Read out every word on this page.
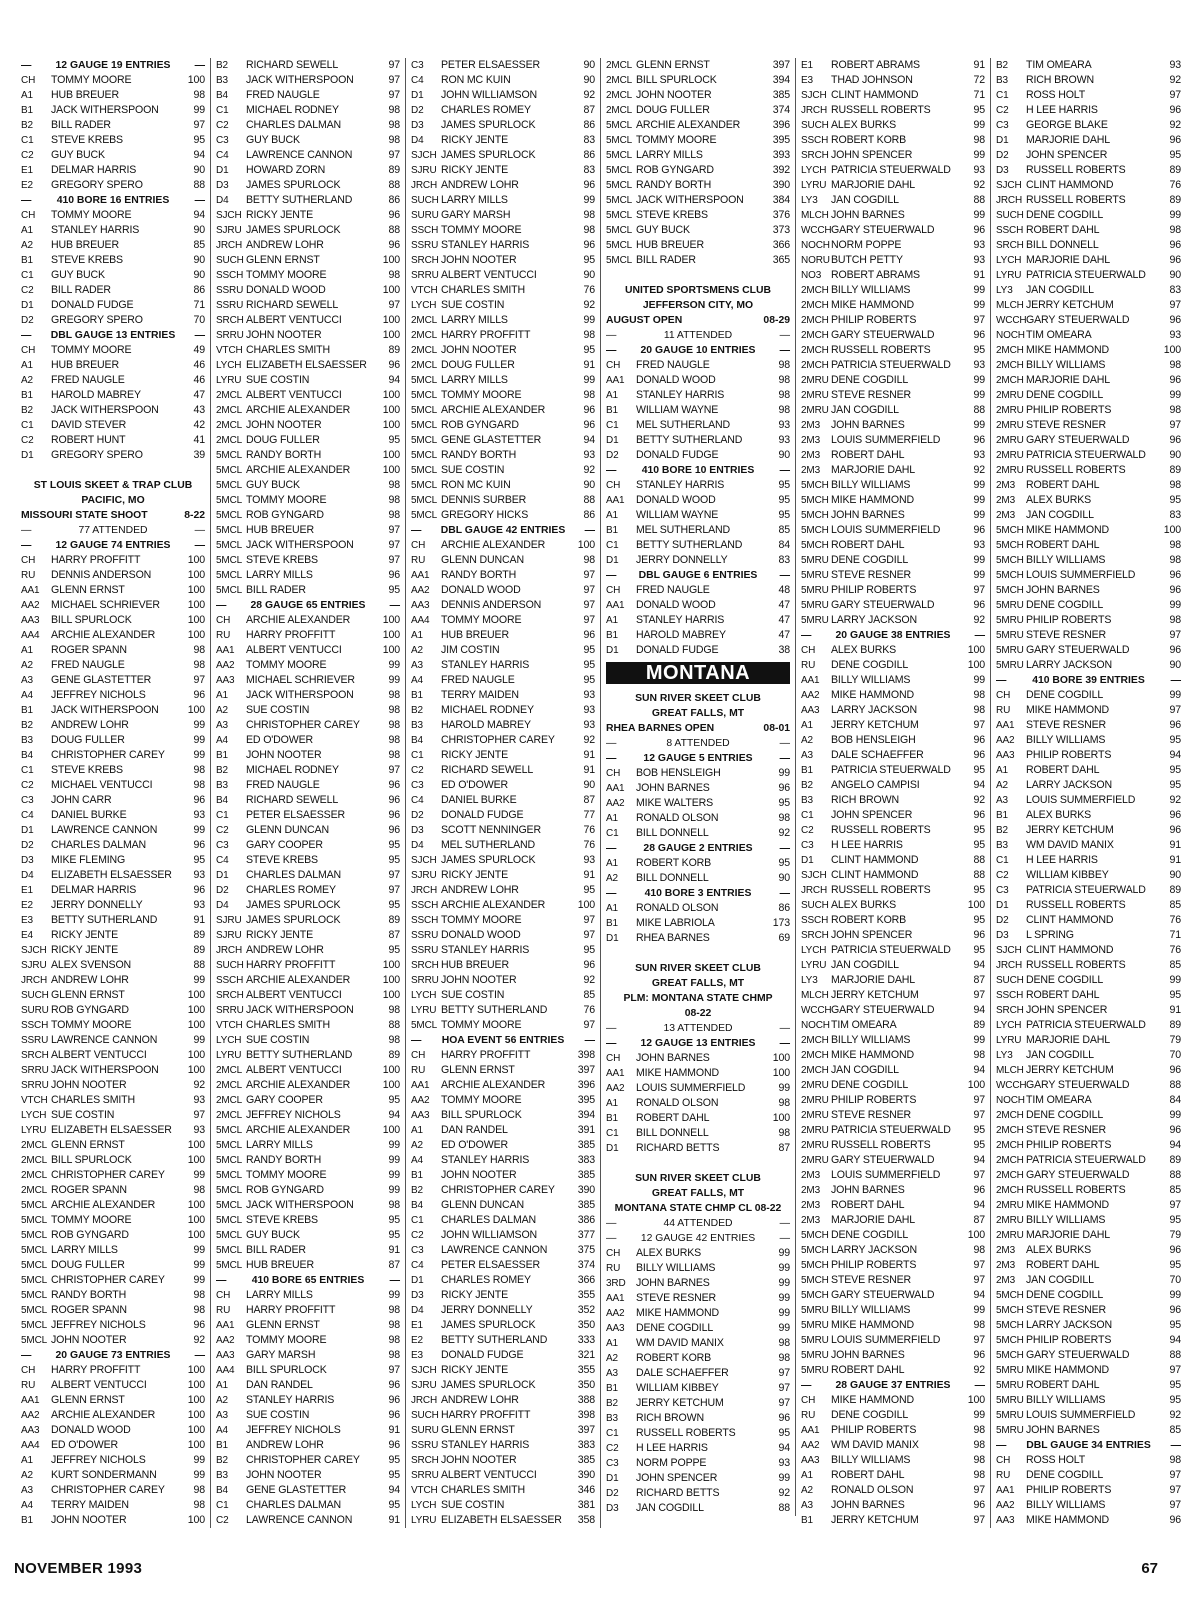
—	12 GAUGE 19 ENTRIES	—
CH	TOMMY MOORE	100
A1	HUB BREUER	98
B1	JACK WITHERSPOON	99
B2	BILL RADER	97
C1	STEVE KREBS	95
C2	GUY BUCK	94
E1	DELMAR HARRIS	90
E2	GREGORY SPERO	88
—	410 BORE 16 ENTRIES	—
CH	TOMMY MOORE	94
A1	STANLEY HARRIS	90
A2	HUB BREUER	85
B1	STEVE KREBS	90
C1	GUY BUCK	90
C2	BILL RADER	86
D1	DONALD FUDGE	71
D2	GREGORY SPERO	70
—	DBL GAUGE 13 ENTRIES	—
CH	TOMMY MOORE	49
A1	HUB BREUER	46
A2	FRED NAUGLE	46
B1	HAROLD MABREY	47
B2	JACK WITHERSPOON	43
C1	DAVID STEVER	42
C2	ROBERT HUNT	41
D1	GREGORY SPERO	39
ST LOUIS SKEET & TRAP CLUB
PACIFIC, MO
MISSOURI STATE SHOOT	8-22
—	77 ATTENDED	—
—	12 GAUGE 74 ENTRIES	—
CH	HARRY PROFFITT	100
RU	DENNIS ANDERSON	100
AA1	GLENN ERNST	100
AA2	MICHAEL SCHRIEVER	100
AA3	BILL SPURLOCK	100
AA4	ARCHIE ALEXANDER	100
A1	ROGER SPANN	98
A2	FRED NAUGLE	98
A3	GENE GLASTETTER	97
A4	JEFFREY NICHOLS	96
B1	JACK WITHERSPOON	100
B2	ANDREW LOHR	99
B3	DOUG FULLER	99
B4	CHRISTOPHER CAREY	99
C1	STEVE KREBS	98
C2	MICHAEL VENTUCCI	98
C3	JOHN CARR	96
C4	DANIEL BURKE	93
D1	LAWRENCE CANNON	99
D2	CHARLES DALMAN	96
D3	MIKE FLEMING	95
D4	ELIZABETH ELSAESSER	93
E1	DELMAR HARRIS	96
E2	JERRY DONNELLY	93
E3	BETTY SUTHERLAND	91
E4	RICKY JENTE	89
SJCH RICKY JENTE	89
SJRU ALEX SVENSON	88
JRCH ANDREW LOHR	99
SUCH GLENN ERNST	100
SURU ROB GYNGARD	100
SSCH TOMMY MOORE	100
SSRU LAWRENCE CANNON	99
SRCH ALBERT VENTUCCI	100
SRRU JACK WITHERSPOON	100
SRRU JOHN NOOTER	92
VTCH CHARLES SMITH	93
LYCH SUE COSTIN	97
LYRU ELIZABETH ELSAESSER	93
2MCL GLENN ERNST	100
2MCL BILL SPURLOCK	100
2MCL CHRISTOPHER CAREY	99
2MCL ROGER SPANN	98
5MCL ARCHIE ALEXANDER	100
5MCL TOMMY MOORE	100
5MCL ROB GYNGARD	100
5MCL LARRY MILLS	99
5MCL DOUG FULLER	99
5MCL CHRISTOPHER CAREY	99
5MCL RANDY BORTH	98
5MCL ROGER SPANN	98
5MCL JEFFREY NICHOLS	96
5MCL JOHN NOOTER	92
—	20 GAUGE 73 ENTRIES	—
CH	HARRY PROFFITT	100
RU	ALBERT VENTUCCI	100
AA1	GLENN ERNST	100
AA2	ARCHIE ALEXANDER	100
AA3	DONALD WOOD	100
AA4	ED O'DOWER	100
A1	JEFFREY NICHOLS	99
A2	KURT SONDERMANN	99
A3	CHRISTOPHER CAREY	98
A4	TERRY MAIDEN	98
B1	JOHN NOOTER	100
B2	RICHARD SEWELL	97
B3	JACK WITHERSPOON	97
B4	FRED NAUGLE	97
C1	MICHAEL RODNEY	98
C2	CHARLES DALMAN	98
C3	GUY BUCK	98
C4	LAWRENCE CANNON	97
D1	HOWARD ZORN	89
D3	JAMES SPURLOCK	88
D4	BETTY SUTHERLAND	86
SJCH RICKY JENTE	96
SJRU JAMES SPURLOCK	88
JRCH ANDREW LOHR	96
SUCH GLENN ERNST	100
SSCH TOMMY MOORE	98
SSRU DONALD WOOD	100
SSRU RICHARD SEWELL	97
SRCH ALBERT VENTUCCI	100
SRRU JOHN NOOTER	100
VTCH CHARLES SMITH	89
LYCH ELIZABETH ELSAESSER	96
LYRU SUE COSTIN	94
2MCL ALBERT VENTUCCI	100
2MCL ARCHIE ALEXANDER	100
2MCL JOHN NOOTER	100
2MCL DOUG FULLER	95
5MCL RANDY BORTH	100
5MCL ARCHIE ALEXANDER	100
5MCL GUY BUCK	98
5MCL TOMMY MOORE	98
5MCL ROB GYNGARD	98
5MCL HUB BREUER	97
5MCL JACK WITHERSPOON	97
5MCL STEVE KREBS	97
5MCL LARRY MILLS	96
5MCL BILL RADER	95
—	28 GAUGE 65 ENTRIES	—
CH	ARCHIE ALEXANDER	100
RU	HARRY PROFFITT	100
AA1	ALBERT VENTUCCI	100
AA2	TOMMY MOORE	99
AA3	MICHAEL SCHRIEVER	99
A1	JACK WITHERSPOON	98
A2	SUE COSTIN	98
A3	CHRISTOPHER CAREY	98
A4	ED O'DOWER	98
B1	JOHN NOOTER	98
B2	MICHAEL RODNEY	97
B3	FRED NAUGLE	96
B4	RICHARD SEWELL	96
C1	PETER ELSAESSER	96
C2	GLENN DUNCAN	96
C3	GARY COOPER	95
C4	STEVE KREBS	95
D1	CHARLES DALMAN	97
D2	CHARLES ROMEY	97
D4	JAMES SPURLOCK	95
SJRU JAMES SPURLOCK	89
SJRU RICKY JENTE	87
JRCH ANDREW LOHR	95
SUCH HARRY PROFFITT	100
SSCH ARCHIE ALEXANDER	100
SRCH ALBERT VENTUCCI	100
SRRU JACK WITHERSPOON	98
VTCH CHARLES SMITH	88
LYCH SUE COSTIN	98
LYRU BETTY SUTHERLAND	89
2MCL ALBERT VENTUCCI	100
2MCL ARCHIE ALEXANDER	100
2MCL GARY COOPER	95
2MCL JEFFREY NICHOLS	94
5MCL ARCHIE ALEXANDER	100
5MCL LARRY MILLS	99
5MCL RANDY BORTH	99
5MCL TOMMY MOORE	99
5MCL ROB GYNGARD	99
5MCL JACK WITHERSPOON	98
5MCL STEVE KREBS	95
5MCL GUY BUCK	95
5MCL BILL RADER	91
5MCL HUB BREUER	87
—	410 BORE 65 ENTRIES	—
CH	LARRY MILLS	99
RU	HARRY PROFFITT	98
AA1	GLENN ERNST	98
AA2	TOMMY MOORE	98
AA3	GARY MARSH	98
AA4	BILL SPURLOCK	97
A1	DAN RANDEL	96
A2	STANLEY HARRIS	96
A3	SUE COSTIN	96
A4	JEFFREY NICHOLS	91
B1	ANDREW LOHR	96
B2	CHRISTOPHER CAREY	95
B3	JOHN NOOTER	95
B4	GENE GLASTETTER	94
C1	CHARLES DALMAN	95
C2	LAWRENCE CANNON	91
C3	PETER ELSAESSER	90
C4	RON MC KUIN	90
D1	JOHN WILLIAMSON	92
D2	CHARLES ROMEY	87
D3	JAMES SPURLOCK	86
D4	RICKY JENTE	83
SJCH JAMES SPURLOCK	86
SJRU RICKY JENTE	83
JRCH ANDREW LOHR	96
SUCH LARRY MILLS	99
SURU GARY MARSH	98
SSCH TOMMY MOORE	98
SSRU STANLEY HARRIS	96
SRCH JOHN NOOTER	95
SRRU ALBERT VENTUCCI	90
VTCH CHARLES SMITH	76
LYCH SUE COSTIN	92
2MCL LARRY MILLS	99
2MCL HARRY PROFFITT	98
2MCL JOHN NOOTER	95
2MCL DOUG FULLER	91
5MCL LARRY MILLS	99
5MCL TOMMY MOORE	98
5MCL ARCHIE ALEXANDER	96
5MCL ROB GYNGARD	96
5MCL GENE GLASTETTER	94
5MCL RANDY BORTH	93
5MCL SUE COSTIN	92
5MCL RON MC KUIN	90
5MCL DENNIS SURBER	88
5MCL GREGORY HICKS	86
—	DBL GAUGE 42 ENTRIES	—
CH	ARCHIE ALEXANDER	100
RU	GLENN DUNCAN	98
AA1	RANDY BORTH	97
AA2	DONALD WOOD	97
AA3	DENNIS ANDERSON	97
AA4	TOMMY MOORE	97
A1	HUB BREUER	96
A2	JIM COSTIN	95
A3	STANLEY HARRIS	95
A4	FRED NAUGLE	95
B1	TERRY MAIDEN	93
B2	MICHAEL RODNEY	93
B3	HAROLD MABREY	93
B4	CHRISTOPHER CAREY	92
C1	RICKY JENTE	91
C2	RICHARD SEWELL	91
C3	ED O'DOWER	90
C4	DANIEL BURKE	87
D2	DONALD FUDGE	77
D3	SCOTT NENNINGER	76
D4	MEL SUTHERLAND	76
SJCH JAMES SPURLOCK	93
SJRU RICKY JENTE	91
JRCH ANDREW LOHR	95
SSCH ARCHIE ALEXANDER	100
SSCH TOMMY MOORE	97
SSRU DONALD WOOD	97
SSRU STANLEY HARRIS	95
SRCH HUB BREUER	96
SRRU JOHN NOOTER	92
LYCH SUE COSTIN	85
LYRU BETTY SUTHERLAND	76
5MCL TOMMY MOORE	97
—	HOA EVENT 56 ENTRIES	—
CH	HARRY PROFFITT	398
RU	GLENN ERNST	397
AA1	ARCHIE ALEXANDER	396
AA2	TOMMY MOORE	395
AA3	BILL SPURLOCK	394
A1	DAN RANDEL	391
A2	ED O'DOWER	385
A4	STANLEY HARRIS	383
B1	JOHN NOOTER	385
B2	CHRISTOPHER CAREY	390
B4	GLENN DUNCAN	385
C1	CHARLES DALMAN	386
C2	JOHN WILLIAMSON	377
C3	LAWRENCE CANNON	375
C4	PETER ELSAESSER	374
D1	CHARLES ROMEY	366
D3	RICKY JENTE	355
D4	JERRY DONNELLY	352
E1	JAMES SPURLOCK	350
E2	BETTY SUTHERLAND	333
E3	DONALD FUDGE	321
SJCH RICKY JENTE	355
SJRU JAMES SPURLOCK	350
JRCH ANDREW LOHR	388
SUCH HARRY PROFFITT	398
SURU GLENN ERNST	397
SSRU STANLEY HARRIS	383
SRCH JOHN NOOTER	385
SRRU ALBERT VENTUCCI	390
VTCH CHARLES SMITH	346
LYCH SUE COSTIN	381
LYRU ELIZABETH ELSAESSER	358
2MCL GLENN ERNST	397
2MCL BILL SPURLOCK	394
2MCL JOHN NOOTER	385
2MCL DOUG FULLER	374
5MCL ARCHIE ALEXANDER	396
5MCL TOMMY MOORE	395
5MCL LARRY MILLS	393
5MCL ROB GYNGARD	392
5MCL RANDY BORTH	390
5MCL JACK WITHERSPOON	384
5MCL STEVE KREBS	376
5MCL GUY BUCK	373
5MCL HUB BREUER	366
5MCL BILL RADER	365
UNITED SPORTSMENS CLUB
JEFFERSON CITY, MO
AUGUST OPEN	08-29
—	11 ATTENDED	—
—	20 GAUGE 10 ENTRIES	—
CH	FRED NAUGLE	98
AA1	DONALD WOOD	98
A1	STANLEY HARRIS	98
B1	WILLIAM WAYNE	98
C1	MEL SUTHERLAND	93
D1	BETTY SUTHERLAND	93
D2	DONALD FUDGE	90
—	410 BORE 10 ENTRIES	—
CH	STANLEY HARRIS	95
AA1	DONALD WOOD	95
A1	WILLIAM WAYNE	95
B1	MEL SUTHERLAND	85
C1	BETTY SUTHERLAND	84
D1	JERRY DONNELLY	83
—	DBL GAUGE 6 ENTRIES	—
CH	FRED NAUGLE	48
AA1	DONALD WOOD	47
A1	STANLEY HARRIS	47
B1	HAROLD MABREY	47
D1	DONALD FUDGE	38
MONTANA
SUN RIVER SKEET CLUB
GREAT FALLS, MT
RHEA BARNES OPEN	08-01
—	8 ATTENDED	—
—	12 GAUGE 5 ENTRIES	—
CH	BOB HENSLEIGH	99
AA1	JOHN BARNES	96
AA2	MIKE WALTERS	95
A1	RONALD OLSON	98
C1	BILL DONNELL	92
—	28 GAUGE 2 ENTRIES	—
A1	ROBERT KORB	95
A2	BILL DONNELL	90
—	410 BORE 3 ENTRIES	—
A1	RONALD OLSON	86
B1	MIKE LABRIOLA	173
D1	RHEA BARNES	69
SUN RIVER SKEET CLUB
GREAT FALLS, MT
PLM: MONTANA STATE CHMP
08-22
—	13 ATTENDED	—
—	12 GAUGE 13 ENTRIES	—
CH	JOHN BARNES	100
AA1	MIKE HAMMOND	100
AA2	LOUIS SUMMERFIELD	99
A1	RONALD OLSON	98
B1	ROBERT DAHL	100
C1	BILL DONNELL	98
D1	RICHARD BETTS	87
SUN RIVER SKEET CLUB
GREAT FALLS, MT
MONTANA STATE CHMP CL 08-22
—	44 ATTENDED	—
—	12 GAUGE 42 ENTRIES	—
CH	ALEX BURKS	99
RU	BILLY WILLIAMS	99
3RD JOHN BARNES	99
AA1	STEVE RESNER	99
AA2	MIKE HAMMOND	99
AA3	DENE COGDILL	99
A1	WM DAVID MANIX	98
A2	ROBERT KORB	98
A3	DALE SCHAEFFER	97
B1	WILLIAM KIBBEY	97
B2	JERRY KETCHUM	97
B3	RICH BROWN	96
C1	RUSSELL ROBERTS	95
C2	H LEE HARRIS	94
C3	NORM POPPE	93
D1	JOHN SPENCER	99
D2	RICHARD BETTS	92
D3	JAN COGDILL	88
E1	ROBERT ABRAMS	91
E3	THAD JOHNSON	72
SJCH CLINT HAMMOND	71
JRCH RUSSELL ROBERTS	95
SUCH ALEX BURKS	99
SSCH ROBERT KORB	98
SRCH JOHN SPENCER	99
LYCH PATRICIA STEUERWALD	93
LYRU MARJORIE DAHL	92
LY3	JAN COGDILL	88
MLCH JOHN BARNES	99
WCCH GARY STEUERWALD	96
NOCH NORM POPPE	93
NORU BUTCH PETTY	93
NO3 ROBERT ABRAMS	91
2MCH BILLY WILLIAMS	99
2MCH MIKE HAMMOND	99
2MCH PHILIP ROBERTS	97
2MCH GARY STEUERWALD	96
2MCH RUSSELL ROBERTS	95
2MCH PATRICIA STEUERWALD	93
2MRU DENE COGDILL	99
2MRU STEVE RESNER	99
2MRU JAN COGDILL	88
2M3	JOHN BARNES	99
2M3	LOUIS SUMMERFIELD	96
2M3	ROBERT DAHL	93
2M3	MARJORIE DAHL	92
5MCH BILLY WILLIAMS	99
5MCH MIKE HAMMOND	99
5MCH JOHN BARNES	99
5MCH LOUIS SUMMERFIELD	96
5MCH ROBERT DAHL	93
5MRU DENE COGDILL	99
5MRU STEVE RESNER	99
5MRU PHILIP ROBERTS	97
5MRU GARY STEUERWALD	96
5MRU LARRY JACKSON	92
—	20 GAUGE 38 ENTRIES	—
CH	ALEX BURKS	100
RU	DENE COGDILL	100
AA1	BILLY WILLIAMS	99
AA2	MIKE HAMMOND	98
AA3	LARRY JACKSON	98
A1	JERRY KETCHUM	97
A2	BOB HENSLEIGH	96
A3	DALE SCHAEFFER	96
B1	PATRICIA STEUERWALD	95
B2	ANGELO CAMPISI	94
B3	RICH BROWN	92
C1	JOHN SPENCER	96
C2	RUSSELL ROBERTS	95
C3	H LEE HARRIS	95
D1	CLINT HAMMOND	88
SJCH CLINT HAMMOND	88
JRCH RUSSELL ROBERTS	95
SUCH ALEX BURKS	100
SSCH ROBERT KORB	95
SRCH JOHN SPENCER	96
LYCH PATRICIA STEUERWALD	95
LYRU JAN COGDILL	94
LY3	MARJORIE DAHL	87
MLCH JERRY KETCHUM	97
WCCH GARY STEUERWALD	94
NOCH TIM OMEARA	89
2MCH BILLY WILLIAMS	99
2MCH MIKE HAMMOND	98
2MCH JAN COGDILL	94
2MRU DENE COGDILL	100
2MRU PHILIP ROBERTS	97
2MRU STEVE RESNER	97
2MRU PATRICIA STEUERWALD	95
2MRU RUSSELL ROBERTS	95
2MRU GARY STEUERWALD	94
2M3	LOUIS SUMMERFIELD	97
2M3	JOHN BARNES	96
2M3	ROBERT DAHL	94
2M3	MARJORIE DAHL	87
5MCH DENE COGDILL	100
5MCH LARRY JACKSON	98
5MCH PHILIP ROBERTS	97
5MCH STEVE RESNER	97
5MCH GARY STEUERWALD	94
5MRU BILLY WILLIAMS	99
5MRU MIKE HAMMOND	98
5MRU LOUIS SUMMERFIELD	97
5MRU JOHN BARNES	96
5MRU ROBERT DAHL	92
—	28 GAUGE 37 ENTRIES	—
CH	MIKE HAMMOND	100
RU	DENE COGDILL	99
AA1	PHILIP ROBERTS	98
AA2	WM DAVID MANIX	98
AA3	BILLY WILLIAMS	98
A1	ROBERT DAHL	98
A2	RONALD OLSON	97
A3	JOHN BARNES	96
B1	JERRY KETCHUM	97
B2	TIM OMEARA	93
B3	RICH BROWN	92
C1	ROSS HOLT	97
C2	H LEE HARRIS	96
C3	GEORGE BLAKE	92
D1	MARJORIE DAHL	96
D2	JOHN SPENCER	95
D3	RUSSELL ROBERTS	89
SJCH CLINT HAMMOND	76
JRCH RUSSELL ROBERTS	89
SUCH DENE COGDILL	99
SSCH ROBERT DAHL	98
SRCH BILL DONNELL	96
LYCH MARJORIE DAHL	96
LYRU PATRICIA STEUERWALD	90
LY3	JAN COGDILL	83
MLCH JERRY KETCHUM	97
WCCH GARY STEUERWALD	96
NOCH TIM OMEARA	93
2MCH MIKE HAMMOND	100
2MCH BILLY WILLIAMS	98
2MCH MARJORIE DAHL	96
2MRU DENE COGDILL	99
2MRU PHILIP ROBERTS	98
2MRU STEVE RESNER	97
2MRU GARY STEUERWALD	96
2MRU PATRICIA STEUERWALD	90
2MRU RUSSELL ROBERTS	89
2M3	ROBERT DAHL	98
2M3	ALEX BURKS	95
2M3	JAN COGDILL	83
5MCH MIKE HAMMOND	100
5MCH ROBERT DAHL	98
5MCH BILLY WILLIAMS	98
5MCH LOUIS SUMMERFIELD	96
5MCH JOHN BARNES	96
5MRU DENE COGDILL	99
5MRU PHILIP ROBERTS	98
5MRU STEVE RESNER	97
5MRU GARY STEUERWALD	96
5MRU LARRY JACKSON	90
—	410 BORE 39 ENTRIES	—
CH	DENE COGDILL	99
RU	MIKE HAMMOND	97
AA1	STEVE RESNER	96
AA2	BILLY WILLIAMS	95
AA3	PHILIP ROBERTS	94
A1	ROBERT DAHL	95
A2	LARRY JACKSON	95
A3	LOUIS SUMMERFIELD	92
B1	ALEX BURKS	96
B2	JERRY KETCHUM	96
B3	WM DAVID MANIX	91
C1	H LEE HARRIS	91
C2	WILLIAM KIBBEY	90
C3	PATRICIA STEUERWALD	89
D1	RUSSELL ROBERTS	85
D2	CLINT HAMMOND	76
D3	L SPRING	71
SJCH CLINT HAMMOND	76
JRCH RUSSELL ROBERTS	85
SUCH DENE COGDILL	99
SSCH ROBERT DAHL	95
SRCH JOHN SPENCER	91
LYCH PATRICIA STEUERWALD	89
LYRU MARJORIE DAHL	79
LY3	JAN COGDILL	70
MLCH JERRY KETCHUM	96
WCCH GARY STEUERWALD	88
NOCH TIM OMEARA	84
2MCH DENE COGDILL	99
2MCH STEVE RESNER	96
2MCH PHILIP ROBERTS	94
2MCH PATRICIA STEUERWALD	89
2MCH GARY STEUERWALD	88
2MCH RUSSELL ROBERTS	85
2MRU MIKE HAMMOND	97
2MRU BILLY WILLIAMS	95
2MRU MARJORIE DAHL	79
2M3	ALEX BURKS	96
2M3	ROBERT DAHL	95
2M3	JAN COGDILL	70
5MCH DENE COGDILL	99
5MCH STEVE RESNER	96
5MCH LARRY JACKSON	95
5MCH PHILIP ROBERTS	94
5MCH GARY STEUERWALD	88
5MRU MIKE HAMMOND	97
5MRU ROBERT DAHL	95
5MRU BILLY WILLIAMS	95
5MRU LOUIS SUMMERFIELD	92
5MRU JOHN BARNES	85
—	DBL GAUGE 34 ENTRIES	—
CH	ROSS HOLT	98
RU	DENE COGDILL	97
AA1	PHILIP ROBERTS	97
AA2	BILLY WILLIAMS	97
AA3	MIKE HAMMOND	96
NOVEMBER 1993	67
